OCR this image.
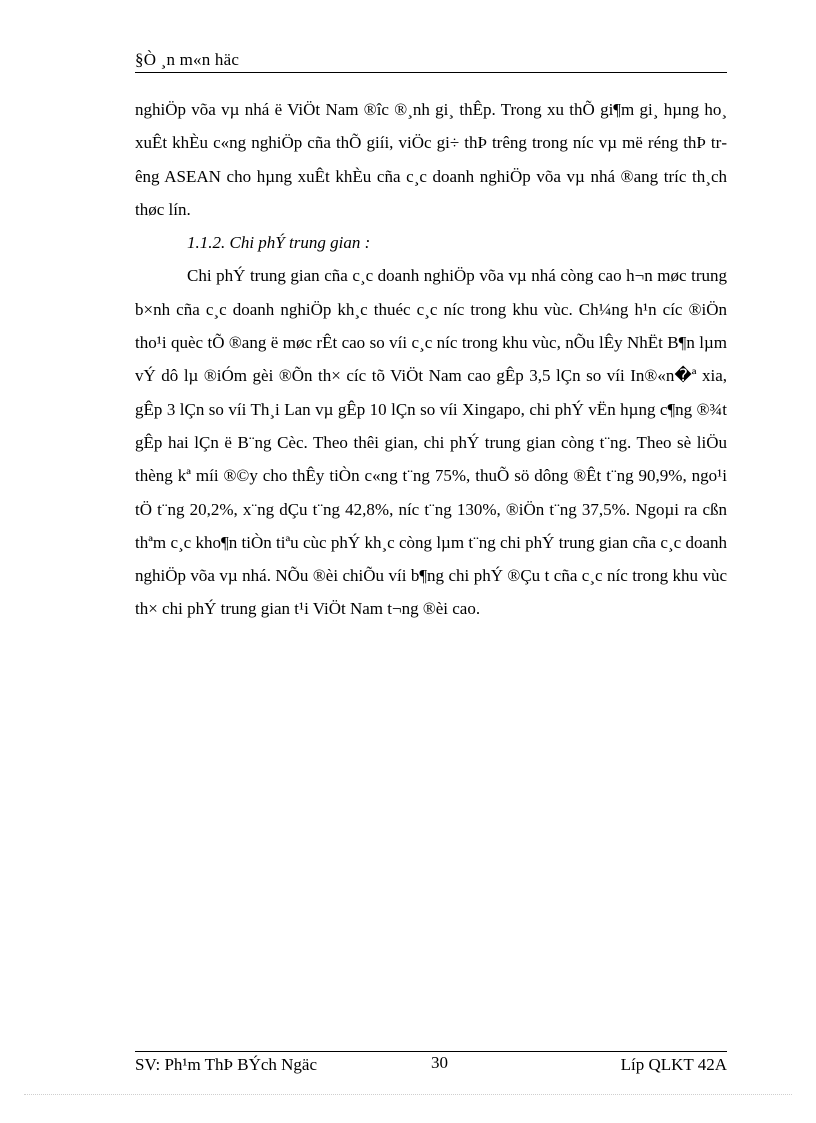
§Ò ¸n m«n häc

nghiÖp võa vµ nhá ë ViÖt Nam ®îc ®¸nh gi¸ thÊp. Trong xu thÕ gi¶m gi¸ hµng ho¸ xuÊt khÈu c«ng nghiÖp cña thÕ giíi, viÖc gi÷ thÞ trêng trong níc vµ më réng thÞ trêng ASEAN cho hµng xuÊt khÈu cña c¸c doanh nghiÖp võa vµ nhá ®ang tríc th¸ch thøc lín.

1.1.2. Chi phÝ trung gian :

Chi phÝ trung gian cña c¸c doanh nghiÖp võa vµ nhá còng cao h¬n møc trung b×nh cña c¸c doanh nghiÖp kh¸c thuéc c¸c níc trong khu vùc. Ch¼ng h¹n cíc ®iÖn tho¹i quèc tÕ ®ang ë møc rÊt cao so víi c¸c níc trong khu vùc, nÕu lÊy NhËt B¶n lµm vÝ dô lµ ®iÓm gèi ®Õn th× cíc tõ ViÖt Nam cao gÊp 3,5 lÇn so víi In®«n�ª xia, gÊp 3 lÇn so víi Th¸i Lan vµ gÊp 10 lÇn so víi Xingapo, chi phÝ vËn hµng c¶ng ®¾t gÊp hai lÇn ë B¨ng Cèc. Theo thêi gian, chi phÝ trung gian còng t¨ng. Theo sè liÖu thèng kª míi ®©y cho thÊy tiÒn c«ng t¨ng 75%, thuÕ sö dông ®Êt t¨ng 90,9%, ngo¹i tÖ t¨ng 20,2%, x¨ng dÇu t¨ng 42,8%, níc t¨ng 130%, ®iÖn t¨ng 37,5%. Ngoµi ra cßn thªm c¸c kho¶n tiÒn tiªu cùc phÝ kh¸c còng lµm t¨ng chi phÝ trung gian cña c¸c doanh nghiÖp võa vµ nhá. NÕu ®èi chiÕu víi b¶ng chi phÝ ®Çu t cña c¸c níc trong khu vùc th× chi phÝ trung gian t¹i ViÖt Nam t¬ng ®èi cao.

SV: Ph¹m ThÞ BÝch Ngäc	30	Líp QLKT 42A
